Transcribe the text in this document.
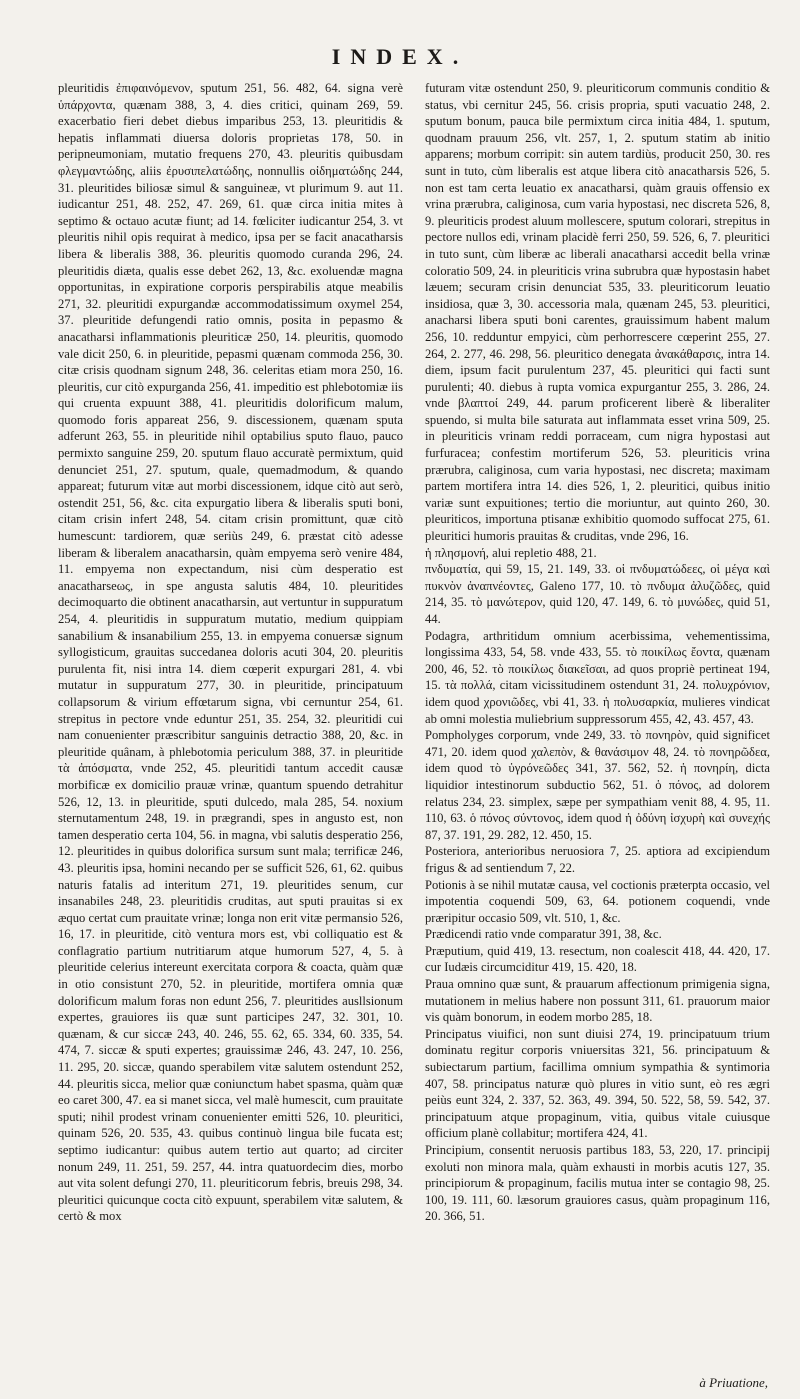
INDEX.

pleuritidis ἐπιφαινόμενον, sputum 251, 56. 482, 64. signa verè ὑπάρχοντα, quænam 388, 3, 4. dies critici, quinam 269, 59. exacerbatio fieri debet diebus imparibus 253, 13. pleuritidis & hepatis inflammati diuersa doloris proprietas 178, 50. in peripneumoniam, mutatio frequens 270, 43. pleuritis quibusdam φλεγμαντώδης, aliis ἐρυσιπελατώδης, nonnullis οἰδηματώδης 244, 31. pleuritides biliosæ simul & sanguineæ, vt plurimum 9. aut 11. iudicantur 251, 48. 252, 47. 269, 61. quæ circa initia mites à septimo & octauo acutæ fiunt; ad 14. fœliciter iudicantur 254, 3. vt pleuritis nihil opis requirat à medico, ipsa per se facit anacatharsis libera & liberalis 388, 36. pleuritis quomodo curanda 296, 24. pleuritidis diæta, qualis esse debet 262, 13, &c. exoluendæ magna opportunitas, in expiratione corporis perspirabilis atque meabilis 271, 32. pleuritidi expurgandæ accommodatissimum oxymel 254, 37. pleuritide defungendi ratio omnis, posita in pepasmo & anacatharsi inflammationis pleuriticæ 250, 14. pleuritis, quomodo vale dicit 250, 6. in pleuritide, pepasmi quænam commoda 256, 30. citæ crisis quodnam signum 248, 36. celeritas etiam mora 250, 16. pleuritis, cur citò expurganda 256, 41. impeditio est phlebotomiæ iis qui cruenta expuunt 388, 41. pleuritidis dolorificum malum, quomodo foris appareat 256, 9. discessionem, quænam sputa adferunt 263, 55. in pleuritide nihil optabilius sputo flauo, pauco permixto sanguine 259, 20. sputum flauo accuratè permixtum, quid denunciet 251, 27. sputum, quale, quemadmodum, & quando appareat; futurum vitæ aut morbi discessionem, idque citò aut serò, ostendit 251, 56, &c. cita expurgatio libera & liberalis sputi boni, citam crisin infert 248, 54. citam crisin promittunt, quæ citò humescunt: tardiorem, quæ seriùs 249, 6. præstat citò adesse liberam & liberalem anacatharsin, quàm empyema serò venire 484, 11. empyema non expectandum, nisi cùm desperatio est anacatharseως, in spe angusta salutis 484, 10. pleuritides decimoquarto die obtinent anacatharsin, aut vertuntur in suppuratum 254, 4. pleuritidis in suppuratum mutatio, medium quippiam sanabilium & insanabilium 255, 13. in empyema conuersæ signum syllogisticum, grauitas succedanea doloris acuti 304, 20. pleuritis purulenta fit, nisi intra 14. diem cœperit expurgari 281, 4. vbi mutatur in suppuratum 277, 30. in pleuritide, principatuum collapsorum & virium effœtarum signa, vbi cernuntur 254, 61. strepitus in pectore vnde eduntur 251, 35. 254, 32. pleuritidi cui nam conuenienter præscribitur sanguinis detractio 388, 20, &c. in pleuritide quânam, à phlebotomia periculum 388, 37. in pleuritide τὰ ἀπόσματα, vnde 252, 45. pleuritidi tantum accedit causæ morbificæ ex domicilio prauæ vrinæ, quantum spuendo detrahitur 526, 12, 13. in pleuritide, sputi dulcedo, mala 285, 54. noxium sternutamentum 248, 19. in prægrandi, spes in angusto est, non tamen desperatio certa 104, 56. in magna, vbi salutis desperatio 256, 12. pleuritides in quibus dolorifica sursum sunt mala; terrificæ 246, 43. pleuritis ipsa, homini necando per se sufficit 526, 61, 62. quibus naturis fatalis ad interitum 271, 19. pleuritides senum, cur insanabiles 248, 23. pleuritidis cruditas, aut sputi prauitas si ex æquo certat cum prauitate vrinæ; longa non erit vitæ permansio 526, 16, 17. in pleuritide, citò ventura mors est, vbi colliquatio est & conflagratio partium nutritiarum atque humorum 527, 4, 5. à pleuritide celerius intereunt exercitata corpora & coacta, quàm quæ in otio consistunt 270, 52. in pleuritide, mortifera omnia quæ dolorificum malum foras non edunt 256, 7. pleuritides ausllsionum expertes, grauiores iis quæ sunt participes 247, 32. 301, 10. quænam, & cur siccæ 243, 40. 246, 55. 62, 65. 334, 60. 335, 54. 474, 7. siccæ & sputi expertes; grauissimæ 246, 43. 247, 10. 256, 11. 295, 20. siccæ, quando sperabilem vitæ salutem ostendunt 252, 44. pleuritis sicca, melior quæ coniunctum habet spasma, quàm quæ eo caret 300, 47. ea si manet sicca, vel malè humescit, cum prauitate sputi; nihil prodest vrinam conuenienter emitti 526, 10. pleuritici, quinam 526, 20. 535, 43. quibus continuò lingua bile fucata est; septimo iudicantur: quibus autem tertio aut quarto; ad circiter nonum 249, 11. 251, 59. 257, 44. intra quatuordecim dies, morbo aut vita solent defungi 270, 11. pleuriticorum febris, breuis 298, 34. pleuritici quicunque cocta citò expuunt, sperabilem vitæ salutem, & certò & mox

futuram vitæ ostendunt 250, 9. pleuriticorum communis conditio & status, vbi cernitur 245, 56. crisis propria, sputi vacuatio 248, 2. sputum bonum, pauca bile permixtum circa initia 484, 1. sputum, quodnam prauum 256, vlt. 257, 1, 2. sputum statim ab initio apparens; morbum corripit: sin autem tardiùs, producit 250, 30. res sunt in tuto, cùm liberalis est atque libera citò anacatharsis 526, 5. non est tam certa leuatio ex anacatharsi, quàm grauis offensio ex vrina prærubra, caliginosa, cum varia hypostasi, nec discreta 526, 8, 9. pleuriticis prodest aluum mollescere, sputum colorari, strepitus in pectore nullos edi, vrinam placidè ferri 250, 59. 526, 6, 7. pleuritici in tuto sunt, cùm liberæ ac liberali anacatharsi accedit bella vrinæ coloratio 509, 24. in pleuriticis vrina subrubra quæ hypostasin habet læuem; securam crisin denunciat 535, 33. pleuriticorum leuatio insidiosa, quæ 3, 30. accessoria mala, quænam 245, 53. pleuritici, anacharsi libera sputi boni carentes, grauissimum habent malum 256, 10. redduntur empyici, cùm perhorrescere cœperint 255, 27. 264, 2. 277, 46. 298, 56. pleuritico denegata ἀνακάθαρσις, intra 14. diem, ipsum facit purulentum 237, 45. pleuritici qui facti sunt purulenti; 40. diebus à rupta vomica expurgantur 255, 3. 286, 24. vnde βλαπτοί 249, 44. parum proficerent liberè & liberaliter spuendo, si multa bile saturata aut inflammata esset vrina 509, 25. in pleuriticis vrinam reddi porraceam, cum nigra hypostasi aut furfuracea; confestim mortiferum 526, 53. pleuriticis vrina prærubra, caliginosa, cum varia hypostasi, nec discreta; maximam partem mortifera intra 14. dies 526, 1, 2. pleuritici, quibus initio variæ sunt expuitiones; tertio die moriuntur, aut quinto 260, 30. pleuriticos, importuna ptisanæ exhibitio quomodo suffocat 275, 61. pleuritici humoris prauitas & cruditas, vnde 296, 16.

ἡ πλησμονή, alui repletio 488, 21.

πνδυματία, qui 59, 15, 21. 149, 33. οἱ πνδυματώδεες, οἱ μέγα καὶ πυκνὸν ἀναπνέοντες, Galeno 177, 10. τὸ πνδυμα ἀλυζῶδες, quid 214, 35. τὸ μανώτερον, quid 120, 47. 149, 6. τὸ μυνώδες, quid 51, 44.

Podagra, arthritidum omnium acerbissima, vehementissima, longissima 433, 54, 58. vnde 433, 55. τὸ ποικίλως ἔοντα, quænam 200, 46, 52. τὸ ποικίλως διακεῖσαι, ad quos propriè pertineat 194, 15. τὰ πολλά, citam vicissitudinem ostendunt 31, 24. πολυχρόνιον, idem quod χρονιῶδες, vbi 41, 33. ἡ πολυσαρκία, mulieres vindicat ab omni molestia muliebrium suppressorum 455, 42, 43. 457, 43.

Pompholyges corporum, vnde 249, 33. τὸ πονηρὸν, quid significet 471, 20. idem quod χαλεπὸν, & θανάσιμον 48, 24. τὸ πονηρῶδεα, idem quod τὸ ὑγρόνεῶδες 341, 37. 562, 52. ἡ πονηρίη, dicta liquidior intestinorum subductio 562, 51. ὁ πόνος, ad dolorem relatus 234, 23. simplex, sæpe per sympathiam venit 88, 4. 95, 11. 110, 63. ὁ πόνος σύντονος, idem quod ἡ ὀδύνη ἰσχυρὴ καὶ συνεχής 87, 37. 191, 29. 282, 12. 450, 15.

Posteriora, anterioribus neruosiora 7, 25. aptiora ad excipiendum frigus & ad sentiendum 7, 22.

Potionis à se nihil mutatæ causa, vel coctionis præterpta occasio, vel impotentia coquendi 509, 63, 64. potionem coquendi, vnde præripitur occasio 509, vlt. 510, 1, &c.

Prædicendi ratio vnde comparatur 391, 38, &c.

Præputium, quid 419, 13. resectum, non coalescit 418, 44. 420, 17. cur Iudæis circumciditur 419, 15. 420, 18.

Praua omnino quæ sunt, & prauarum affectionum primigenia signa, mutationem in melius habere non possunt 311, 61. prauorum maior vis quàm bonorum, in eodem morbo 285, 18.

Principatus viuifici, non sunt diuisi 274, 19. principatuum trium dominatu regitur corporis vniuersitas 321, 56. principatuum & subiectarum partium, facillima omnium sympathia & syntimoria 407, 58. principatus naturæ quò plures in vitio sunt, eò res ægri peiùs eunt 324, 2. 337, 52. 363, 49. 394, 50. 522, 58, 59. 542, 37. principatuum atque propaginum, vitia, quibus vitale cuiusque officium planè collabitur; mortifera 424, 41.

Principium, consentit neruosis partibus 183, 53, 220, 17. principij exoluti non minora mala, quàm exhausti in morbis acutis 127, 35. principiorum & propaginum, facilis mutua inter se contagio 98, 25. 100, 19. 111, 60. læsorum grauiores casus, quàm propaginum 116, 20. 366, 51.

à Priuatione,
